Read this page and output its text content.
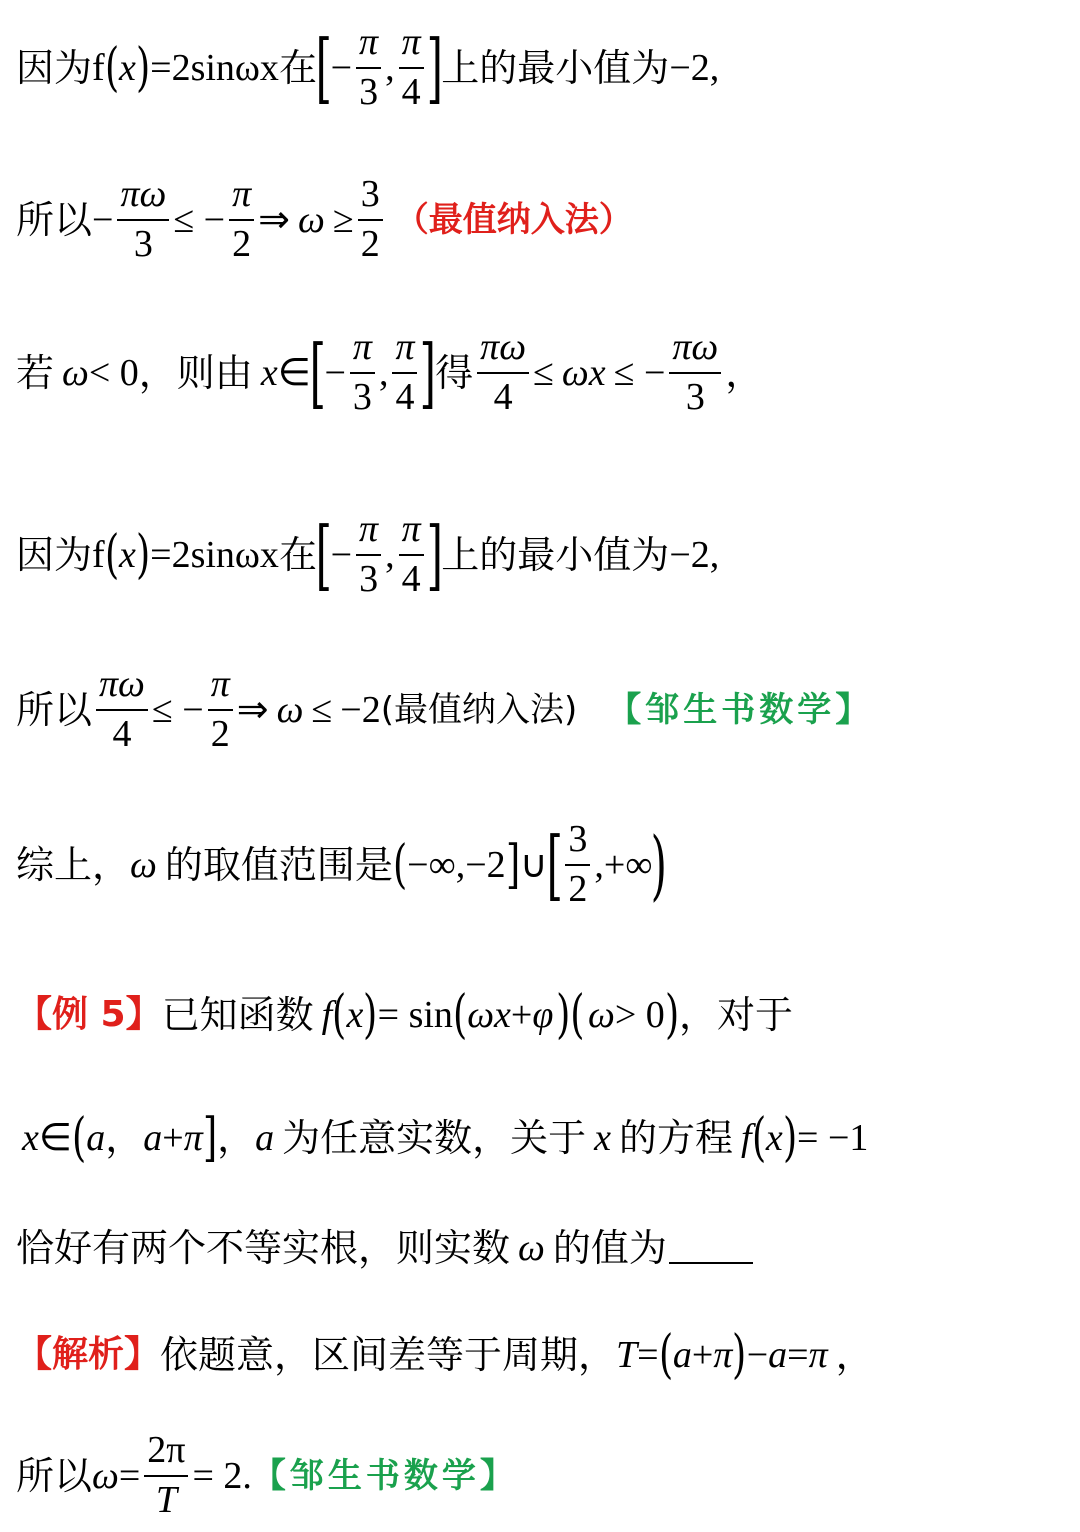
因为 f ( x ) =2sinωx 在
[
− $\frac{\pi}{3}$ , $\frac{\pi}{4}$ ]
上的最小值为 −2,
所以 − $\frac{\pi\omega}{3}$ ≤ − $\frac{\pi}{2}$ ⇒ $\omega \ge \frac{3}{2}$ （最值纳入法）
若 ω < 0 ，则由 x ∈
[
− $\frac{\pi}{3}$ , $\frac{\pi}{4}$ ]
得 $\frac{\pi\omega}{4} \le \omega x$ ≤ − $\frac{\pi\omega}{3}$ ，
因为 f ( x ) =2sinωx 在
[
− $\frac{\pi}{3}$ , $\frac{\pi}{4}$ ]
上的最小值为 −2,
所以 $\frac{\pi\omega}{4}$ ≤ − $\frac{\pi}{2}$ ⇒ ω ≤ −2 (最值纳入法) 【邹生书数学】
综上， ω 的取值范围是 ( −∞,−2 ] ∪
[ $\frac{3}{2}$ ,+∞
)
【例 5】 已知函数 f ( x ) = sin ( ωx + φ )( ω > 0 ) ，对于
x ∈ ( a ， a + π ] ， a 为任意实数，关于 x 的方程 f ( x ) = −1
恰好有两个不等实根，则实数 ω 的值为
【解析】 依题意，区间差等于周期， T = ( a + π ) − a = π ，
所以 $\omega = \frac{2\pi}{T} = 2$. 【邹生书数学】
